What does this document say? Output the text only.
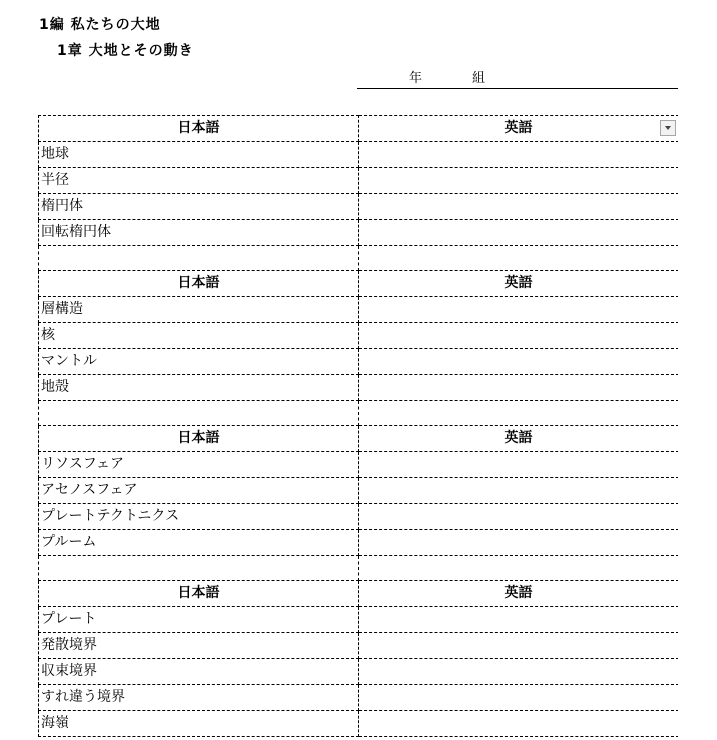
1編 私たちの大地
1章 大地とその動き
年	組
日本語	英語

地球	
半径	
楕円体	
回転楕円体	

日本語	英語
層構造	
核	
マントル	
地殻	

日本語	英語
リソスフェア	
アセノスフェア	
プレートテクトニクス	
プルーム	

日本語	英語
プレート	
発散境界	
収束境界	
すれ違う境界	
海嶺	
